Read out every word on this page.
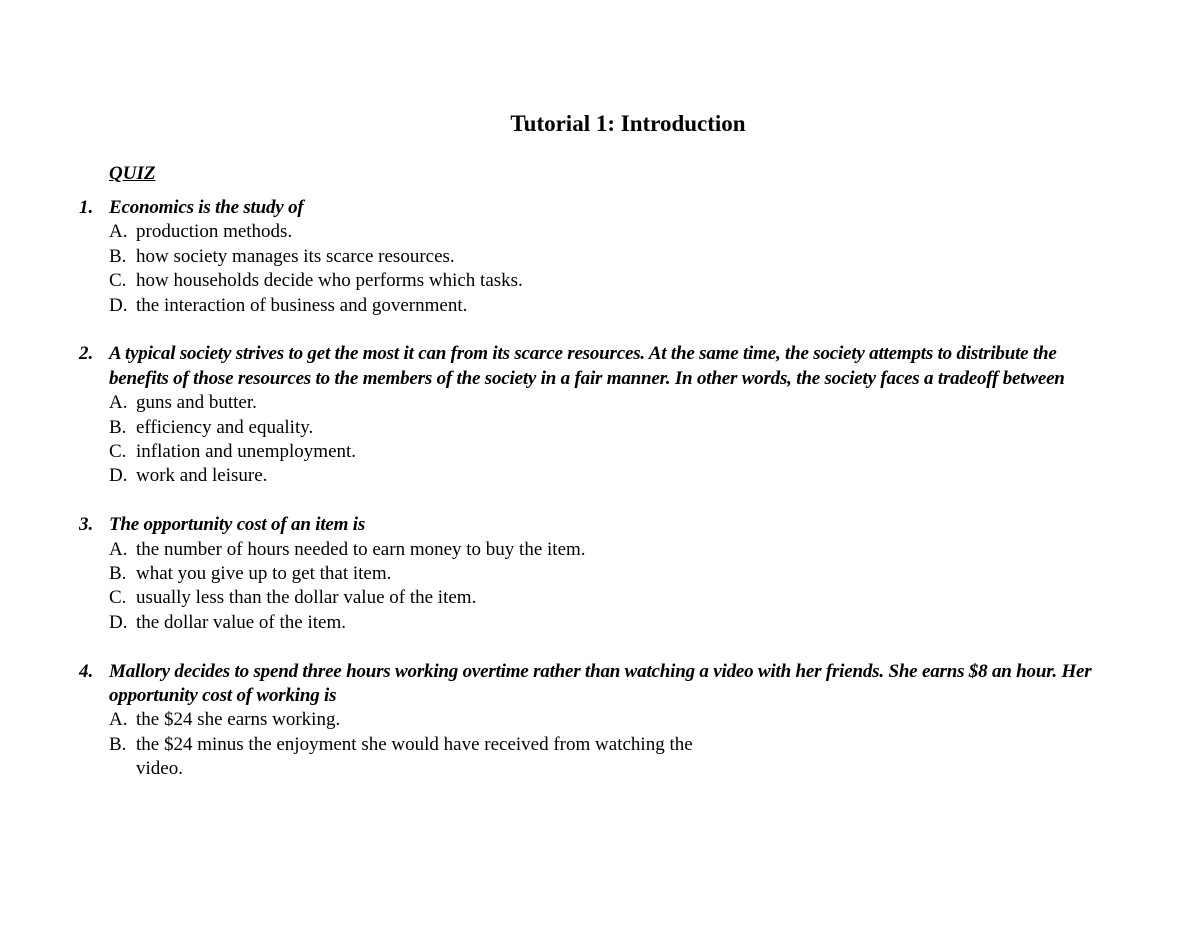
Tutorial 1: Introduction
QUIZ
1. Economics is the study of
A. production methods.
B. how society manages its scarce resources.
C. how households decide who performs which tasks.
D. the interaction of business and government.
2. A typical society strives to get the most it can from its scarce resources. At the same time, the society attempts to distribute the benefits of those resources to the members of the society in a fair manner. In other words, the society faces a tradeoff between
A. guns and butter.
B. efficiency and equality.
C. inflation and unemployment.
D. work and leisure.
3. The opportunity cost of an item is
A. the number of hours needed to earn money to buy the item.
B. what you give up to get that item.
C. usually less than the dollar value of the item.
D. the dollar value of the item.
4. Mallory decides to spend three hours working overtime rather than watching a video with her friends. She earns $8 an hour. Her opportunity cost of working is
A. the $24 she earns working.
B. the $24 minus the enjoyment she would have received from watching the video.
